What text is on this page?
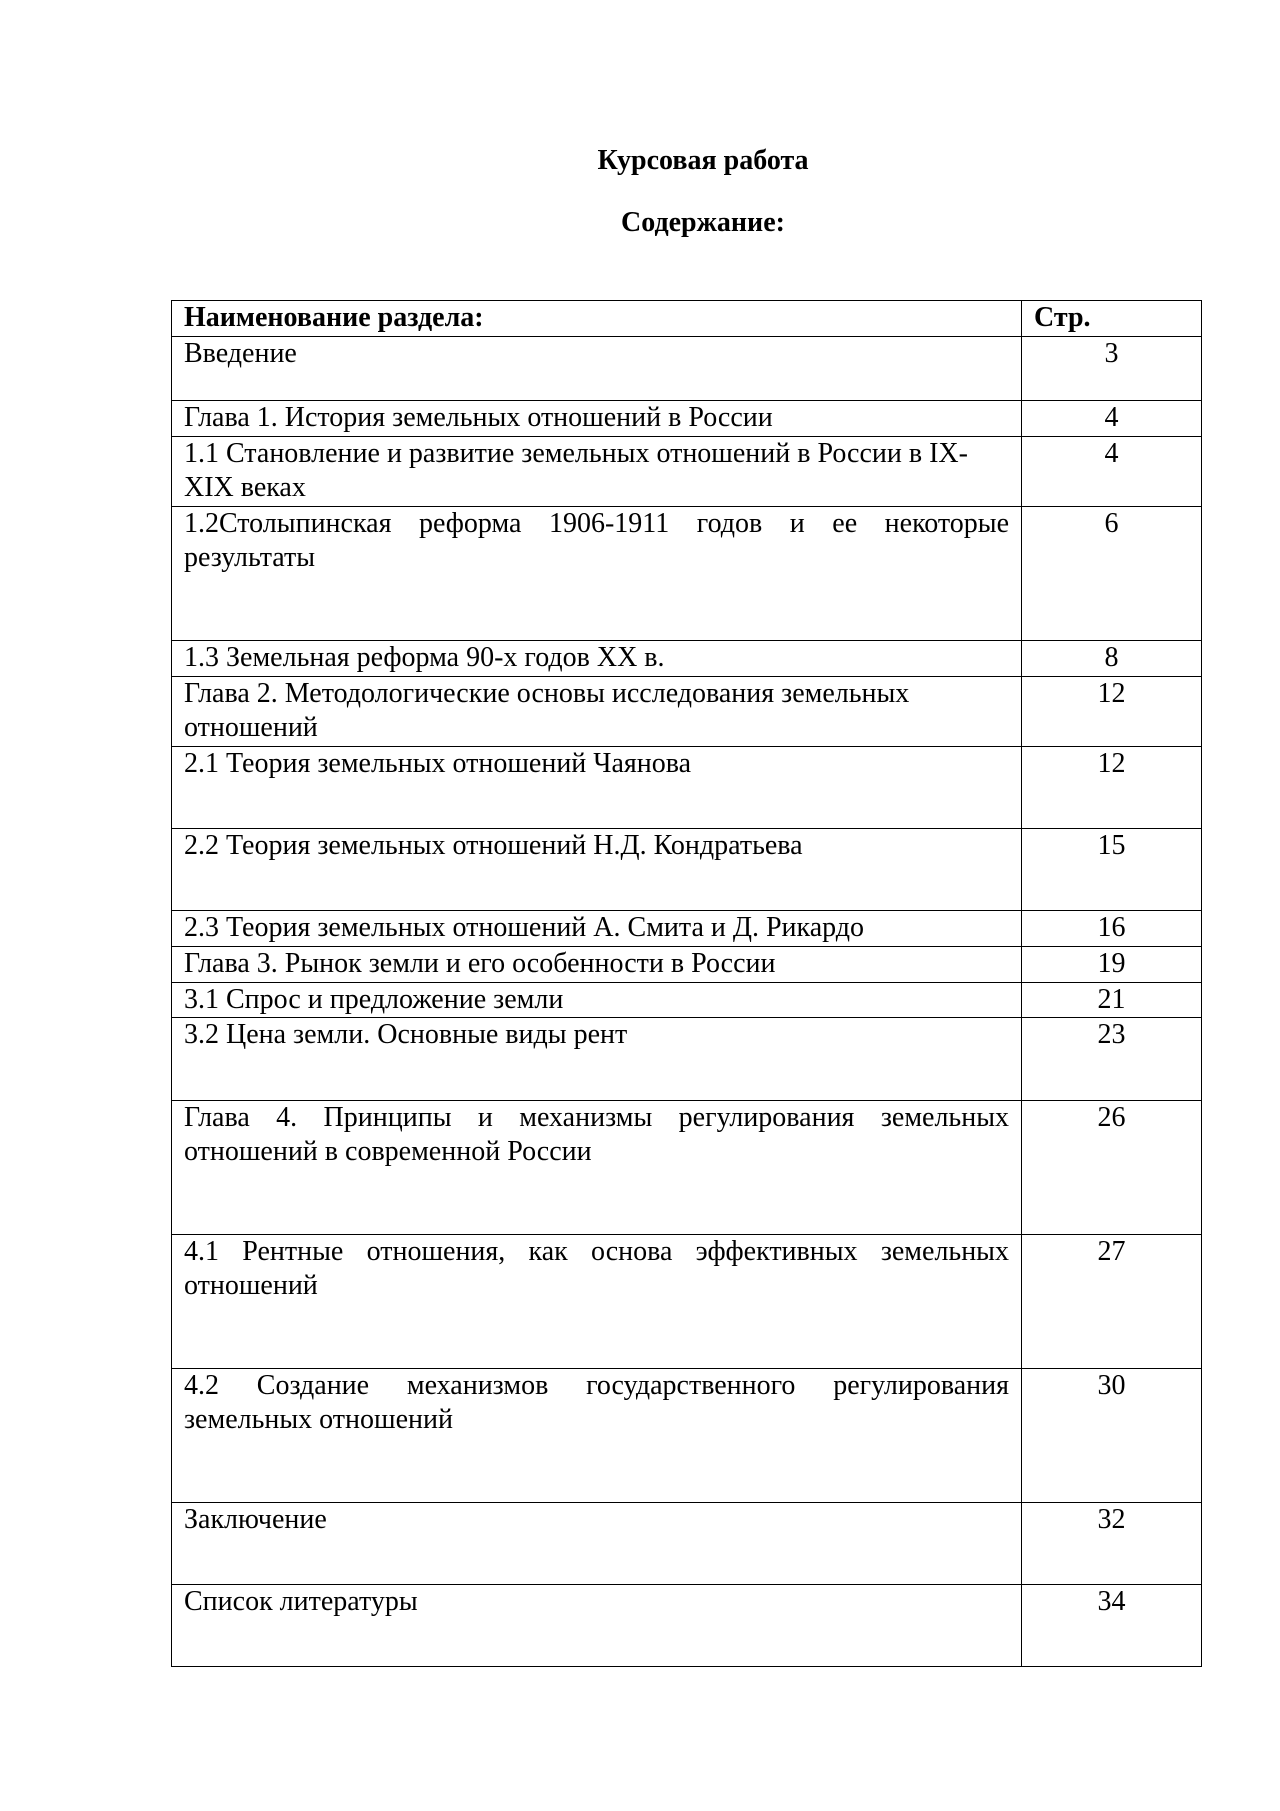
Курсовая работа
Содержание:
Наименование раздела:	Стр.
Введение	3
Глава 1. История земельных отношений в России	4
1.1 Становление и развитие земельных отношений в России в IX-XIX веках	4
1.2Столыпинская реформа 1906-1911 годов и ее некоторые результаты	6
1.3 Земельная реформа 90-х годов XX в.	8
Глава 2. Методологические основы исследования земельных отношений	12
2.1 Теория земельных отношений Чаянова	12
2.2 Теория земельных отношений Н.Д. Кондратьева	15
2.3 Теория земельных отношений А. Смита и Д. Рикардо	16
Глава 3. Рынок земли и его особенности в России	19
3.1 Спрос и предложение земли	21
3.2 Цена земли. Основные виды рент	23
Глава 4. Принципы и механизмы регулирования земельных отношений в современной России	26
4.1 Рентные отношения, как основа эффективных земельных отношений	27
4.2 Создание механизмов государственного регулирования земельных отношений	30
Заключение	32
Список литературы	34
